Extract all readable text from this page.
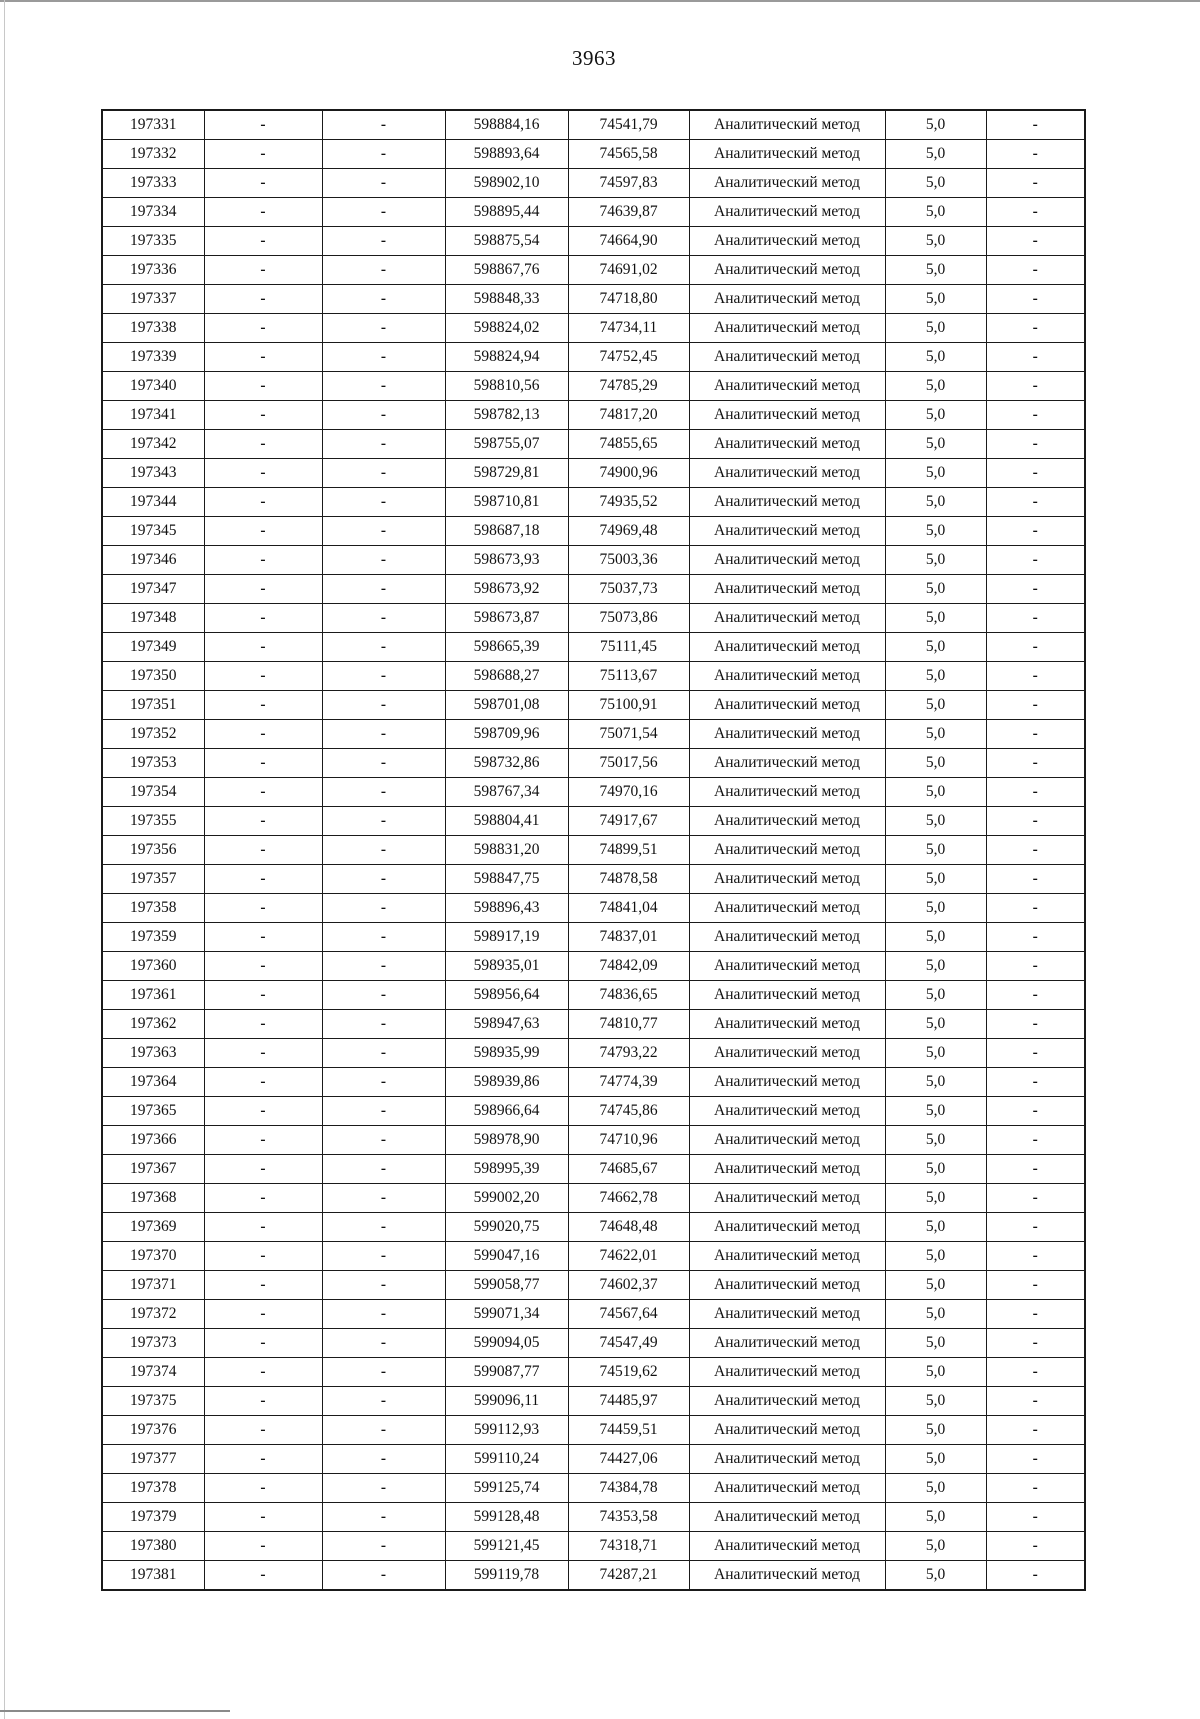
3963
197331	-	-	598884,16	74541,79	Аналитический метод	5,0	-
197332	-	-	598893,64	74565,58	Аналитический метод	5,0	-
197333	-	-	598902,10	74597,83	Аналитический метод	5,0	-
197334	-	-	598895,44	74639,87	Аналитический метод	5,0	-
197335	-	-	598875,54	74664,90	Аналитический метод	5,0	-
197336	-	-	598867,76	74691,02	Аналитический метод	5,0	-
197337	-	-	598848,33	74718,80	Аналитический метод	5,0	-
197338	-	-	598824,02	74734,11	Аналитический метод	5,0	-
197339	-	-	598824,94	74752,45	Аналитический метод	5,0	-
197340	-	-	598810,56	74785,29	Аналитический метод	5,0	-
197341	-	-	598782,13	74817,20	Аналитический метод	5,0	-
197342	-	-	598755,07	74855,65	Аналитический метод	5,0	-
197343	-	-	598729,81	74900,96	Аналитический метод	5,0	-
197344	-	-	598710,81	74935,52	Аналитический метод	5,0	-
197345	-	-	598687,18	74969,48	Аналитический метод	5,0	-
197346	-	-	598673,93	75003,36	Аналитический метод	5,0	-
197347	-	-	598673,92	75037,73	Аналитический метод	5,0	-
197348	-	-	598673,87	75073,86	Аналитический метод	5,0	-
197349	-	-	598665,39	75111,45	Аналитический метод	5,0	-
197350	-	-	598688,27	75113,67	Аналитический метод	5,0	-
197351	-	-	598701,08	75100,91	Аналитический метод	5,0	-
197352	-	-	598709,96	75071,54	Аналитический метод	5,0	-
197353	-	-	598732,86	75017,56	Аналитический метод	5,0	-
197354	-	-	598767,34	74970,16	Аналитический метод	5,0	-
197355	-	-	598804,41	74917,67	Аналитический метод	5,0	-
197356	-	-	598831,20	74899,51	Аналитический метод	5,0	-
197357	-	-	598847,75	74878,58	Аналитический метод	5,0	-
197358	-	-	598896,43	74841,04	Аналитический метод	5,0	-
197359	-	-	598917,19	74837,01	Аналитический метод	5,0	-
197360	-	-	598935,01	74842,09	Аналитический метод	5,0	-
197361	-	-	598956,64	74836,65	Аналитический метод	5,0	-
197362	-	-	598947,63	74810,77	Аналитический метод	5,0	-
197363	-	-	598935,99	74793,22	Аналитический метод	5,0	-
197364	-	-	598939,86	74774,39	Аналитический метод	5,0	-
197365	-	-	598966,64	74745,86	Аналитический метод	5,0	-
197366	-	-	598978,90	74710,96	Аналитический метод	5,0	-
197367	-	-	598995,39	74685,67	Аналитический метод	5,0	-
197368	-	-	599002,20	74662,78	Аналитический метод	5,0	-
197369	-	-	599020,75	74648,48	Аналитический метод	5,0	-
197370	-	-	599047,16	74622,01	Аналитический метод	5,0	-
197371	-	-	599058,77	74602,37	Аналитический метод	5,0	-
197372	-	-	599071,34	74567,64	Аналитический метод	5,0	-
197373	-	-	599094,05	74547,49	Аналитический метод	5,0	-
197374	-	-	599087,77	74519,62	Аналитический метод	5,0	-
197375	-	-	599096,11	74485,97	Аналитический метод	5,0	-
197376	-	-	599112,93	74459,51	Аналитический метод	5,0	-
197377	-	-	599110,24	74427,06	Аналитический метод	5,0	-
197378	-	-	599125,74	74384,78	Аналитический метод	5,0	-
197379	-	-	599128,48	74353,58	Аналитический метод	5,0	-
197380	-	-	599121,45	74318,71	Аналитический метод	5,0	-
197381	-	-	599119,78	74287,21	Аналитический метод	5,0	-
